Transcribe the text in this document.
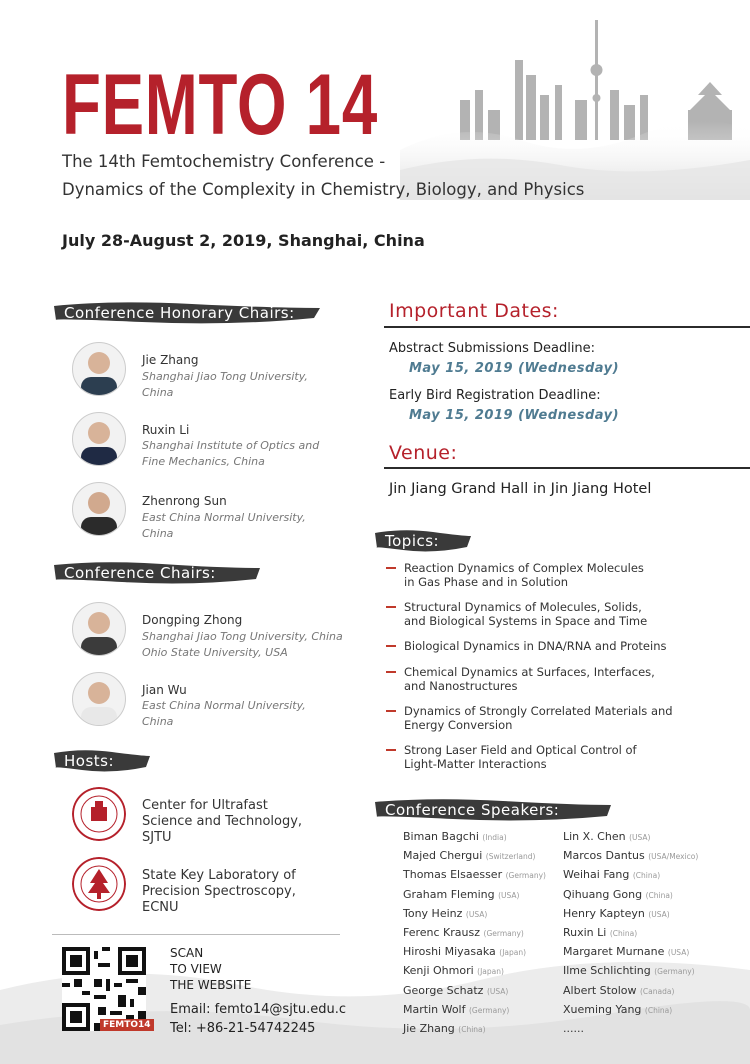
FEMTO 14
The 14th Femtochemistry Conference -
Dynamics of the Complexity in Chemistry, Biology, and Physics
July 28-August 2, 2019, Shanghai, China
Conference Honorary Chairs:
Jie Zhang
Shanghai Jiao Tong University,
China
Ruxin Li
Shanghai Institute of Optics and
Fine Mechanics, China
Zhenrong Sun
East China Normal University,
China
Conference Chairs:
Dongping Zhong
Shanghai Jiao Tong University, China
Ohio State University, USA
Jian Wu
East China Normal University,
China
Hosts:
Center for Ultrafast
Science and Technology,
SJTU
State Key Laboratory of
Precision Spectroscopy,
ECNU
FEMTO14
SCAN
TO VIEW
THE WEBSITE
Email: femto14@sjtu.edu.c
Tel: +86-21-54742245
Important Dates:
Abstract Submissions Deadline:
May 15, 2019 (Wednesday)
Early Bird Registration Deadline:
May 15, 2019 (Wednesday)
Venue:
Jin Jiang Grand Hall in Jin Jiang Hotel
Topics:
Reaction Dynamics of Complex Molecules
in Gas Phase and in Solution
Structural Dynamics of Molecules, Solids,
and Biological Systems in Space and Time
Biological Dynamics in DNA/RNA and Proteins
Chemical Dynamics at Surfaces, Interfaces,
and Nanostructures
Dynamics of Strongly Correlated Materials and
Energy Conversion
Strong Laser Field and Optical Control of
Light-Matter Interactions
Conference Speakers:
Biman Bagchi (India)
Majed Chergui (Switzerland)
Thomas Elsaesser (Germany)
Graham Fleming (USA)
Tony Heinz (USA)
Ferenc Krausz (Germany)
Hiroshi Miyasaka (Japan)
Kenji Ohmori (Japan)
George Schatz (USA)
Martin Wolf (Germany)
Jie Zhang (China)
Lin X. Chen (USA)
Marcos Dantus (USA/Mexico)
Weihai Fang (China)
Qihuang Gong (China)
Henry Kapteyn (USA)
Ruxin Li (China)
Margaret Murnane (USA)
Ilme Schlichting (Germany)
Albert Stolow (Canada)
Xueming Yang (China)
......
